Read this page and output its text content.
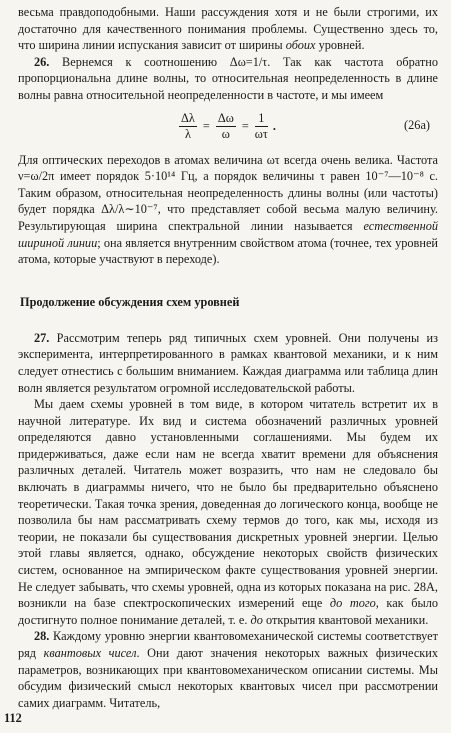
весьма правдоподобными. Наши рассуждения хотя и не были строгими, их достаточно для качественного понимания проблемы. Существенно здесь то, что ширина линии испускания зависит от ширины обоих уровней.

26. Вернемся к соотношению Δω=1/τ. Так как частота обратно пропорциональна длине волны, то относительная неопределенность в длине волны равна относительной неопределенности в частоте, и мы имеем

$\frac{\Delta\lambda}{\lambda} = \frac{\Delta\omega}{\omega} = \frac{1}{\omega\tau}$ .	(26a)

Для оптических переходов в атомах величина ωτ всегда очень велика. Частота ν=ω/2π имеет порядок 5·10¹⁴ Гц, а порядок величины τ равен 10⁻⁷—10⁻⁸ с. Таким образом, относительная неопределенность длины волны (или частоты) будет порядка Δλ/λ∼10⁻⁷, что представляет собой весьма малую величину. Результирующая ширина спектральной линии называется естественной шириной линии; она является внутренним свойством атома (точнее, тех уровней атома, которые участвуют в переходе).

Продолжение обсуждения схем уровней

27. Рассмотрим теперь ряд типичных схем уровней. Они получены из эксперимента, интерпретированного в рамках квантовой механики, и к ним следует отнестись с большим вниманием. Каждая диаграмма или таблица длин волн является результатом огромной исследовательской работы.

Мы даем схемы уровней в том виде, в котором читатель встретит их в научной литературе. Их вид и система обозначений различных уровней определяются давно установленными соглашениями. Мы будем их придерживаться, даже если нам не всегда хватит времени для объяснения различных деталей. Читатель может возразить, что нам не следовало бы включать в диаграммы ничего, что не было бы предварительно объяснено теоретически. Такая точка зрения, доведенная до логического конца, вообще не позволила бы нам рассматривать схему термов до того, как мы, исходя из теории, не показали бы существования дискретных уровней энергии. Целью этой главы является, однако, обсуждение некоторых свойств физических систем, основанное на эмпирическом факте существования уровней энергии. Не следует забывать, что схемы уровней, одна из которых показана на рис. 28А, возникли на базе спектроскопических измерений еще до того, как было достигнуто полное понимание деталей, т. е. до открытия квантовой механики.

28. Каждому уровню энергии квантовомеханической системы соответствует ряд квантовых чисел. Они дают значения некоторых важных физических параметров, возникающих при квантовомеханическом описании системы. Мы обсудим физический смысл некоторых квантовых чисел при рассмотрении самих диаграмм. Читатель,

112
